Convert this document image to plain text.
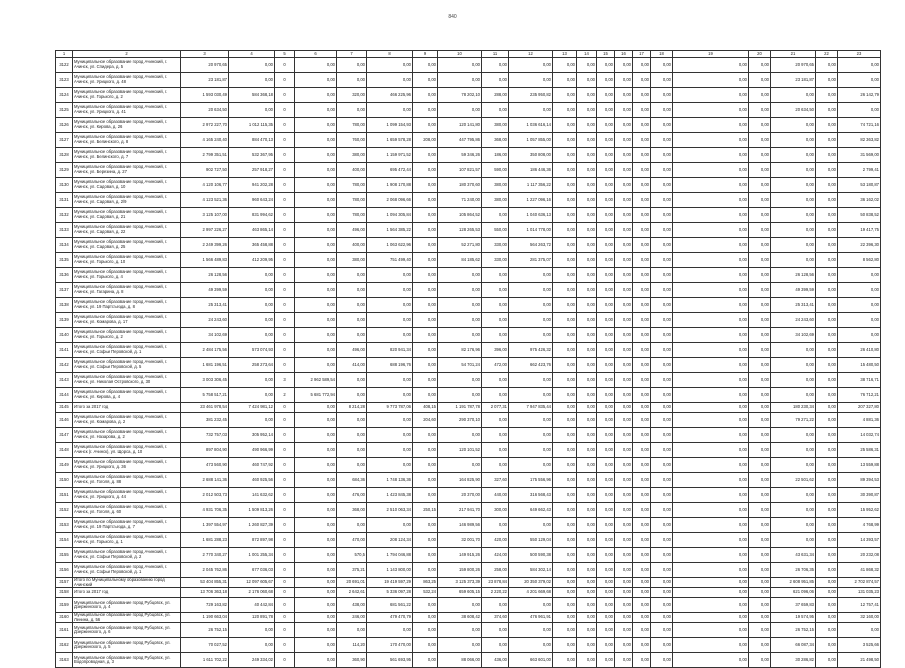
840
1	2	3	4	5	6	7	8	9	10	11	12	13	14	15	16	17	18	19	20	21	22	23
3122	Муниципальное образование город Ачинский, г. Ачинск, ул. Спидера, д. 5	20 970,65	0,00	0	0,00	0,00	0,00	0,00	0,00	0,00	0,00	0,00	0,00	0,00	0,00	0,00	0,00	0,00	0,00	20 970,65	0,00	0,00
3123	Муниципальное образование город Ачинский, г. Ачинск, ул. Урицкого, д. 48	23 181,87	0,00	0	0,00	0,00	0,00	0,00	0,00	0,00	0,00	0,00	0,00	0,00	0,00	0,00	0,00	0,00	0,00	23 181,87	0,00	0,00
3124	Муниципальное образование город Ачинский, г. Ачинск, ул. Горького, д. 2	1 593 030,49	584 368,18	0	0,00	320,00	466 225,96	0,00	78 202,10	288,00	235 950,82	0,00	0,00	0,00	0,00	0,00	0,00	0,00	0,00	0,00	0,00	26 142,79
3125	Муниципальное образование город Ачинский, г. Ачинск, ул. Урицкого, д. 41	20 634,50	0,00	0	0,00	0,00	0,00	0,00	0,00	0,00	0,00	0,00	0,00	0,00	0,00	0,00	0,00	0,00	0,00	20 634,50	0,00	0,00
3126	Муниципальное образование город Ачинский, г. Ачинск, ул. Кирова, д. 26	2 972 227,70	1 012 115,35	0	0,00	780,00	1 099 154,93	0,00	120 141,80	380,00	1 036 616,14	0,00	0,00	0,00	0,00	0,00	0,00	0,00	0,00	0,00	0,00	74 721,16
3127	Муниципальное образование город Ачинский, г. Ачинск, ул. Белинского, д. 8	4 165 240,40	884 470,13	0	0,00	760,00	1 659 578,28	208,00	447 795,86	368,00	1 057 855,00	0,00	0,00	0,00	0,00	0,00	0,00	0,00	0,00	0,00	0,00	82 363,82
3128	Муниципальное образование город Ачинский, г. Ачинск, ул. Белинского, д. 7	2 799 351,51	532 367,95	0	0,00	380,00	1 159 971,52	0,00	59 346,26	186,00	350 808,00	0,00	0,00	0,00	0,00	0,00	0,00	0,00	0,00	0,00	0,00	31 569,00
3129	Муниципальное образование город Ачинский, г. Ачинск, ул. Березина, д. 27	902 727,50	257 918,27	0	0,00	400,00	695 472,44	0,00	107 821,57	590,00	186 446,36	0,00	0,00	0,00	0,00	0,00	0,00	0,00	0,00	0,00	0,00	2 799,41
3130	Муниципальное образование город Ачинский, г. Ачинск, ул. Садовая, д. 10	4 120 106,77	941 202,28	0	0,00	780,00	1 908 170,88	0,00	180 370,60	380,00	1 117 356,22	0,00	0,00	0,00	0,00	0,00	0,00	0,00	0,00	0,00	0,00	53 180,87
3131	Муниципальное образование город Ачинский, г. Ачинск, ул. Садовая, д. 2/9	4 123 521,36	960 643,24	0	0,00	780,00	2 068 096,66	0,00	71 240,00	380,00	1 227 096,16	0,00	0,00	0,00	0,00	0,00	0,00	0,00	0,00	0,00	0,00	36 162,02
3132	Муниципальное образование город Ачинский, г. Ачинск, ул. Садовая, д. 21	3 125 107,00	831 994,62	0	0,00	780,00	1 094 305,84	0,00	105 864,52	0,00	1 040 636,13	0,00	0,00	0,00	0,00	0,00	0,00	0,00	0,00	0,00	0,00	50 838,52
3133	Муниципальное образование город Ачинский, г. Ачинск, ул. Садовая, д. 22	2 997 226,27	463 865,14	0	0,00	496,00	1 564 385,22	0,00	128 265,53	550,00	1 014 778,00	0,00	0,00	0,00	0,00	0,00	0,00	0,00	0,00	0,00	0,00	19 417,75
3134	Муниципальное образование город Ачинский, г. Ачинск, ул. Садовая, д. 25	2 249 399,26	365 458,88	0	0,00	400,00	1 063 622,96	0,00	52 271,80	330,00	564 263,72	0,00	0,00	0,00	0,00	0,00	0,00	0,00	0,00	0,00	0,00	22 396,30
3135	Муниципальное образование город Ачинский, г. Ачинск, ул. Горького, д. 10	1 566 489,83	412 209,95	0	0,00	380,00	751 499,40	0,00	84 185,62	330,00	281 375,07	0,00	0,00	0,00	0,00	0,00	0,00	0,00	0,00	0,00	0,00	8 562,80
3136	Муниципальное образование город Ачинский, г. Ачинск, ул. Горького, д. 4	26 128,56	0,00	0	0,00	0,00	0,00	0,00	0,00	0,00	0,00	0,00	0,00	0,00	0,00	0,00	0,00	0,00	0,00	26 128,56	0,00	0,00
3137	Муниципальное образование город Ачинский, г. Ачинск, ул. Гагарина, д. 8	49 399,59	0,00	0	0,00	0,00	0,00	0,00	0,00	0,00	0,00	0,00	0,00	0,00	0,00	0,00	0,00	0,00	0,00	49 399,59	0,00	0,00
3138	Муниципальное образование город Ачинский, г. Ачинск, ул. 19 Партсъезда, д. 8	25 313,41	0,00	0	0,00	0,00	0,00	0,00	0,00	0,00	0,00	0,00	0,00	0,00	0,00	0,00	0,00	0,00	0,00	25 313,41	0,00	0,00
3139	Муниципальное образование город Ачинский, г. Ачинск, ул. Комарова, д. 17	24 243,60	0,00	0	0,00	0,00	0,00	0,00	0,00	0,00	0,00	0,00	0,00	0,00	0,00	0,00	0,00	0,00	0,00	24 243,60	0,00	0,00
3140	Муниципальное образование город Ачинский, г. Ачинск, ул. Горького, д. 2	34 102,69	0,00	0	0,00	0,00	0,00	0,00	0,00	0,00	0,00	0,00	0,00	0,00	0,00	0,00	0,00	0,00	0,00	34 102,69	0,00	0,00
3141	Муниципальное образование город Ачинский, г. Ачинск, ул. Софьи Перовской, д. 1	2 484 175,56	573 074,93	0	0,00	496,00	820 941,34	0,00	82 176,96	396,00	975 426,32	0,00	0,00	0,00	0,00	0,00	0,00	0,00	0,00	0,00	0,00	26 410,80
3142	Муниципальное образование город Ачинский, г. Ачинск, ул. Софьи Перовской, д. 5	1 681 196,51	258 273,64	0	0,00	414,00	688 196,76	0,00	54 701,24	472,00	662 423,76	0,00	0,00	0,00	0,00	0,00	0,00	0,00	0,00	0,00	0,00	15 480,50
3143	Муниципальное образование город Ачинский, г. Ачинск, ул. Николая Островского, д. 30	3 003 306,45	0,00	3	2 962 589,54	0,00	0,00	0,00	0,00	0,00	0,00	0,00	0,00	0,00	0,00	0,00	0,00	0,00	0,00	0,00	0,00	38 716,71
3144	Муниципальное образование город Ачинский, г. Ачинск, ул. Кирова, д. 4	5 758 517,21	0,00	2	5 681 772,94	0,00	0,00	0,00	0,00	0,00	0,00	0,00	0,00	0,00	0,00	0,00	0,00	0,00	0,00	0,00	0,00	76 712,21
3145	Итого за 2017 год	23 461 978,54	7 424 981,12	0	0,00	8 214,28	9 773 787,06	408,15	1 191 787,78	2 077,31	7 947 835,44	0,00	0,00	0,00	0,00	0,00	0,00	0,00	0,00	180 230,34	0,00	207 327,80
3146	Муниципальное образование город Ачинский, г. Ачинск, ул. Комарова, д. 2	381 232,45	0,00	0	0,00	0,00	0,00	204,60	290 370,10	0,00	0,00	0,00	0,00	0,00	0,00	0,00	0,00	0,00	0,00	79 271,22	0,00	4 881,36
3147	Муниципальное образование город Ачинский, г. Ачинск, ул. Назарова, д. 2	732 757,03	305 952,14	0	0,00	0,00	0,00	0,00	0,00	0,00	0,00	0,00	0,00	0,00	0,00	0,00	0,00	0,00	0,00	0,00	0,00	14 032,74
3148	Муниципальное образование город Ачинский, г. Ачинск (г. Ачинск), ул. Щорса, д. 10	897 804,90	490 966,99	0	0,00	0,00	0,00	0,00	120 101,52	0,00	0,00	0,00	0,00	0,00	0,00	0,00	0,00	0,00	0,00	0,00	0,00	25 586,31
3149	Муниципальное образование город Ачинский, г. Ачинск, ул. Урицкого, д. 36	473 560,90	460 747,92	0	0,00	0,00	0,00	0,00	0,00	0,00	0,00	0,00	0,00	0,00	0,00	0,00	0,00	0,00	0,00	0,00	0,00	13 559,88
3150	Муниципальное образование город Ачинский, г. Ачинск, ул. Гоголя, д. 88	2 688 141,36	460 925,56	0	0,00	684,36	1 748 136,36	0,00	164 825,90	327,60	175 556,96	0,00	0,00	0,00	0,00	0,00	0,00	0,00	0,00	22 501,62	0,00	89 394,53
3151	Муниципальное образование город Ачинский, г. Ачинск, ул. Урицкого, д. 44	2 012 503,73	141 632,62	0	0,00	476,00	1 423 845,38	0,00	20 370,00	440,00	316 568,43	0,00	0,00	0,00	0,00	0,00	0,00	0,00	0,00	0,00	0,00	30 390,87
3152	Муниципальное образование город Ачинский, г. Ачинск, ул. Гоголя, д. 60	4 931 706,35	1 509 813,26	0	0,00	368,00	2 510 063,34	250,15	217 941,70	300,00	649 662,43	0,00	0,00	0,00	0,00	0,00	0,00	0,00	0,00	0,00	0,00	15 952,62
3153	Муниципальное образование город Ачинский, г. Ачинск, ул. 19 Партсъезда, д. 7	1 397 554,97	1 260 827,39	0	0,00	0,00	0,00	0,00	146 989,56	0,00	0,00	0,00	0,00	0,00	0,00	0,00	0,00	0,00	0,00	0,00	0,00	4 768,99
3154	Муниципальное образование город Ачинский, г. Ачинск, ул. Горького, д. 1	1 681 288,23	872 897,98	0	0,00	470,00	208 124,34	0,00	32 001,70	420,00	550 129,04	0,00	0,00	0,00	0,00	0,00	0,00	0,00	0,00	0,00	0,00	14 393,57
3155	Муниципальное образование город Ачинский, г. Ачинск, ул. Софьи Перовской, д. 2	2 770 340,27	1 001 255,34	0	0,00	570,5	1 794 046,88	0,00	149 915,26	424,00	500 590,38	0,00	0,00	0,00	0,00	0,00	0,00	0,00	0,00	43 631,34	0,00	20 232,08
3156	Муниципальное образование город Ачинский, г. Ачинск, ул. Софьи Перовской, д. 1	2 045 762,86	677 036,03	0	0,00	375,21	1 143 800,00	0,00	159 800,26	258,00	584 302,14	0,00	0,00	0,00	0,00	0,00	0,00	0,00	0,00	26 706,35	0,00	41 868,32
3157	Итого по Муниципальному образованию город Ачинский	53 404 855,31	12 097 605,67	0	0,00	20 691,01	19 419 597,29	863,25	3 125 373,39	23 878,84	20 350 379,02	0,00	0,00	0,00	0,00	0,00	0,00	0,00	0,00	2 608 951,85	0,00	2 702 874,57
3158	Итого за 2017 год	13 706 363,18	2 176 060,68	0	0,00	2 642,61	5 336 097,28	532,24	659 605,15	2 220,22	4 201 669,68	0,00	0,00	0,00	0,00	0,00	0,00	0,00	0,00	621 096,06	0,00	131 035,23
3159	Муниципальное образование город Рубцовск, ул. Дзержинского, д. 4	729 163,82	40 442,84	0	0,00	438,00	681 561,22	0,00	0,00	0,00	0,00	0,00	0,00	0,00	0,00	0,00	0,00	0,00	0,00	37 659,83	0,00	12 757,41
3160	Муниципальное образование город Рубцовск, ул. Ленина, д. 56	1 190 663,04	120 891,78	0	0,00	246,00	479 470,79	0,00	38 608,42	374,60	476 961,91	0,00	0,00	0,00	0,00	0,00	0,00	0,00	0,00	19 574,95	0,00	32 160,00
3161	Муниципальное образование город Рубцовск, ул. Дзержинского, д. 6	26 752,15	0,00	0	0,00	0,00	0,00	0,00	0,00	0,00	0,00	0,00	0,00	0,00	0,00	0,00	0,00	0,00	0,00	26 752,15	0,00	0,00
3162	Муниципальное образование город Рубцовск, ул. Дзержинского, д. 5	70 027,52	0,00	0	0,00	114,20	170 470,00	0,00	0,00	0,00	0,00	0,00	0,00	0,00	0,00	0,00	0,00	0,00	0,00	66 087,34	0,00	3 525,66
3163	Муниципальное образование город Рубцовск, ул. Водопроводная, д. 3	1 611 702,22	249 334,02	0	0,00	360,90	561 693,95	0,00	88 066,00	436,00	663 601,00	0,00	0,00	0,00	0,00	0,00	0,00	0,00	0,00	30 286,82	0,00	21 498,50
